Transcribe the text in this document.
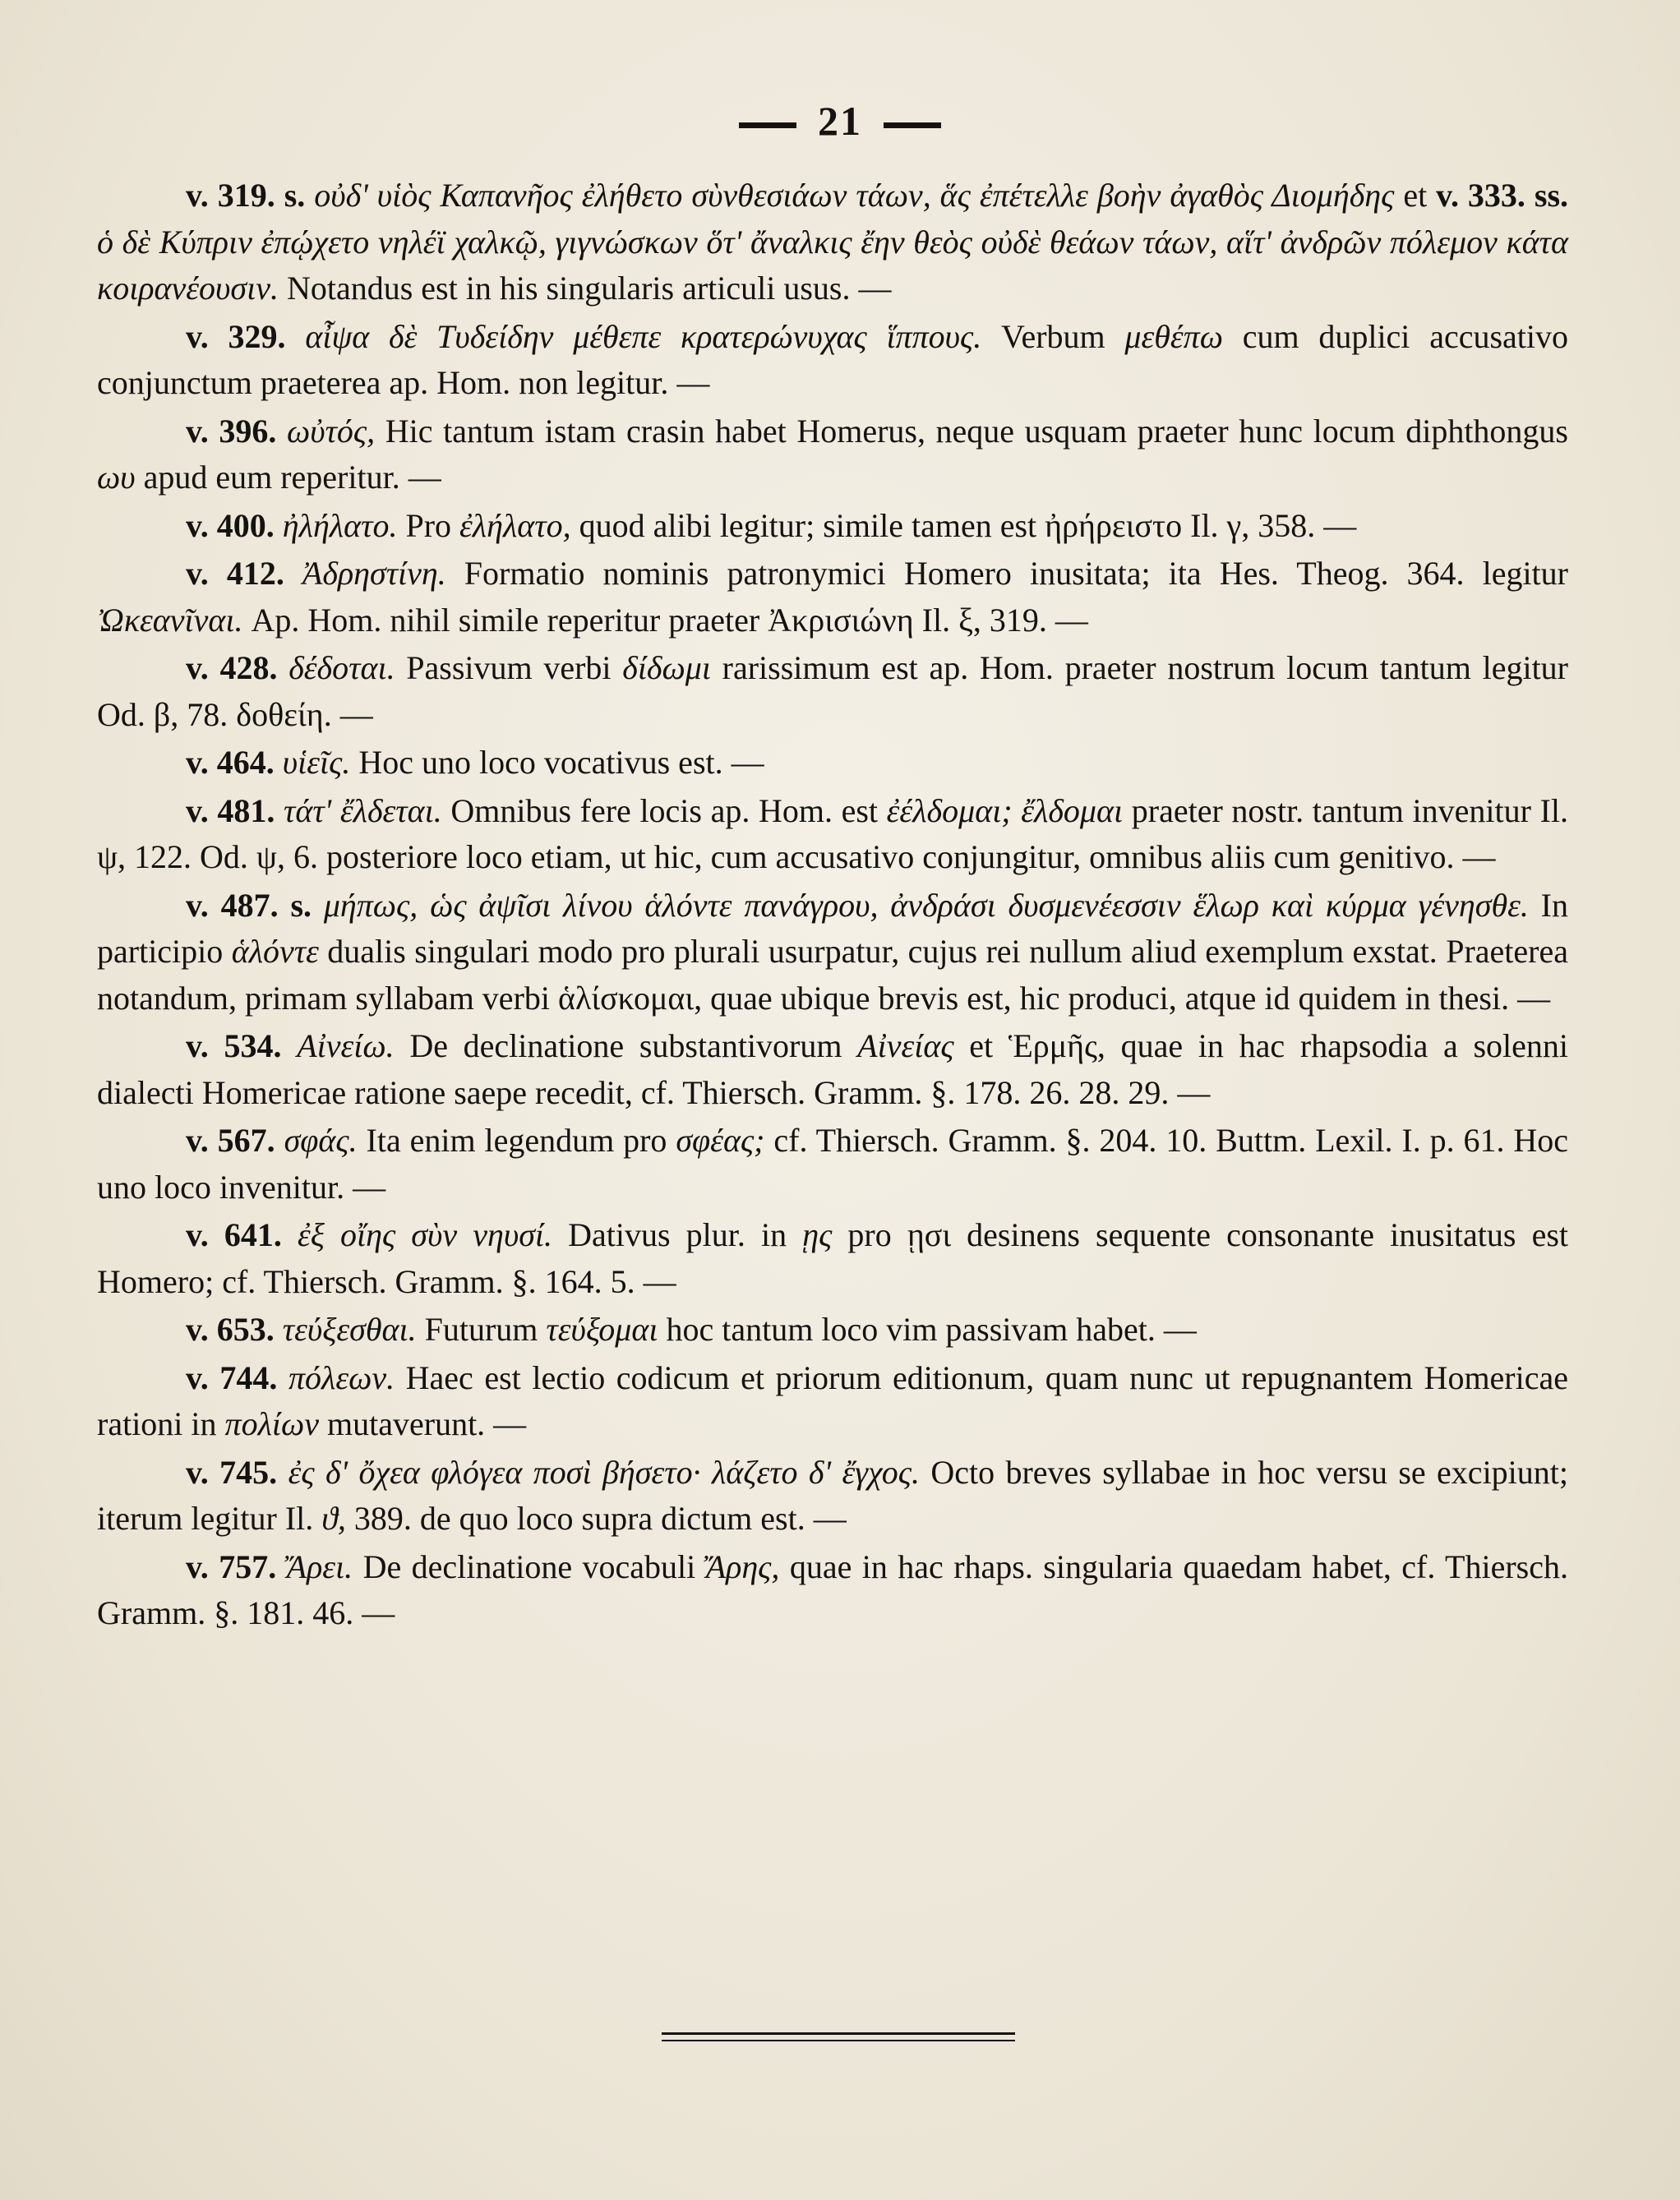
21

v. 319. s. οὐδ' υἱὸς Καπανῆος ἐλήθετο σὺνθεσιάων τάων, ἅς ἐπέτελλε βοὴν ἀγαθὸς Διομήδης et v. 333. ss. ὁ δὲ Κύπριν ἐπῴχετο νηλέϊ χαλκῷ, γιγνώσκων ὅτ' ἄναλκις ἔην θεὸς οὐδὲ θεάων τάων, αἵτ' ἀνδρῶν πόλεμον κάτα κοιρανέουσιν. Notandus est in his singularis articuli usus. —

v. 329. αἶψα δὲ Τυδείδην μέθεπε κρατερώνυχας ἵππους. Verbum μεθέπω cum duplici accusativo conjunctum praeterea ap. Hom. non legitur. —

v. 396. ωὐτός, Hic tantum istam crasin habet Homerus, neque usquam praeter hunc locum diphthongus ωυ apud eum reperitur. —

v. 400. ἠλήλατο. Pro ἐλήλατο, quod alibi legitur; simile tamen est ἠρήρειστο Il. γ, 358. —

v. 412. Ἀδρηστίνη. Formatio nominis patronymici Homero inusitata; ita Hes. Theog. 364. legitur Ὠκεανῖναι. Ap. Hom. nihil simile reperitur praeter Ἀκρισιώνη Il. ξ, 319. —

v. 428. δέδοται. Passivum verbi δίδωμι rarissimum est ap. Hom. praeter nostrum locum tantum legitur Od. β, 78. δοθείη. —

v. 464. υἱεῖς. Hoc uno loco vocativus est. —

v. 481. τάτ' ἔλδεται. Omnibus fere locis ap. Hom. est ἐέλδομαι; ἔλδομαι praeter nostr. tantum invenitur Il. ψ, 122. Od. ψ, 6. posteriore loco etiam, ut hic, cum accusativo conjungitur, omnibus aliis cum genitivo. —

v. 487. s. μήπως, ὡς ἀψῖσι λίνου ἁλόντε πανάγρου, ἀνδράσι δυσμενέεσσιν ἕλωρ καὶ κύρμα γένησθε. In participio ἁλόντε dualis singulari modo pro plurali usurpatur, cujus rei nullum aliud exemplum exstat. Praeterea notandum, primam syllabam verbi ἁλίσκομαι, quae ubique brevis est, hic produci, atque id quidem in thesi. —

v. 534. Αἰνείω. De declinatione substantivorum Αἰνείας et Ἑρμῆς, quae in hac rhapsodia a solenni dialecti Homericae ratione saepe recedit, cf. Thiersch. Gramm. §. 178. 26. 28. 29. —

v. 567. σφάς. Ita enim legendum pro σφέας; cf. Thiersch. Gramm. §. 204. 10. Buttm. Lexil. I. p. 61. Hoc uno loco invenitur. —

v. 641. ἐξ οἴης σὺν νηυσί. Dativus plur. in ῃς pro ῃσι desinens sequente consonante inusitatus est Homero; cf. Thiersch. Gramm. §. 164. 5. —

v. 653. τεύξεσθαι. Futurum τεύξομαι hoc tantum loco vim passivam habet. —

v. 744. πόλεων. Haec est lectio codicum et priorum editionum, quam nunc ut repugnantem Homericae rationi in πολίων mutaverunt. —

v. 745. ἐς δ' ὄχεα φλόγεα ποσὶ βήσετο· λάζετο δ' ἔγχος. Octo breves syllabae in hoc versu se excipiunt; iterum legitur Il. ϑ, 389. de quo loco supra dictum est. —

v. 757. Ἄρει. De declinatione vocabuli Ἄρης, quae in hac rhaps. singularia quaedam habet, cf. Thiersch. Gramm. §. 181. 46. —
